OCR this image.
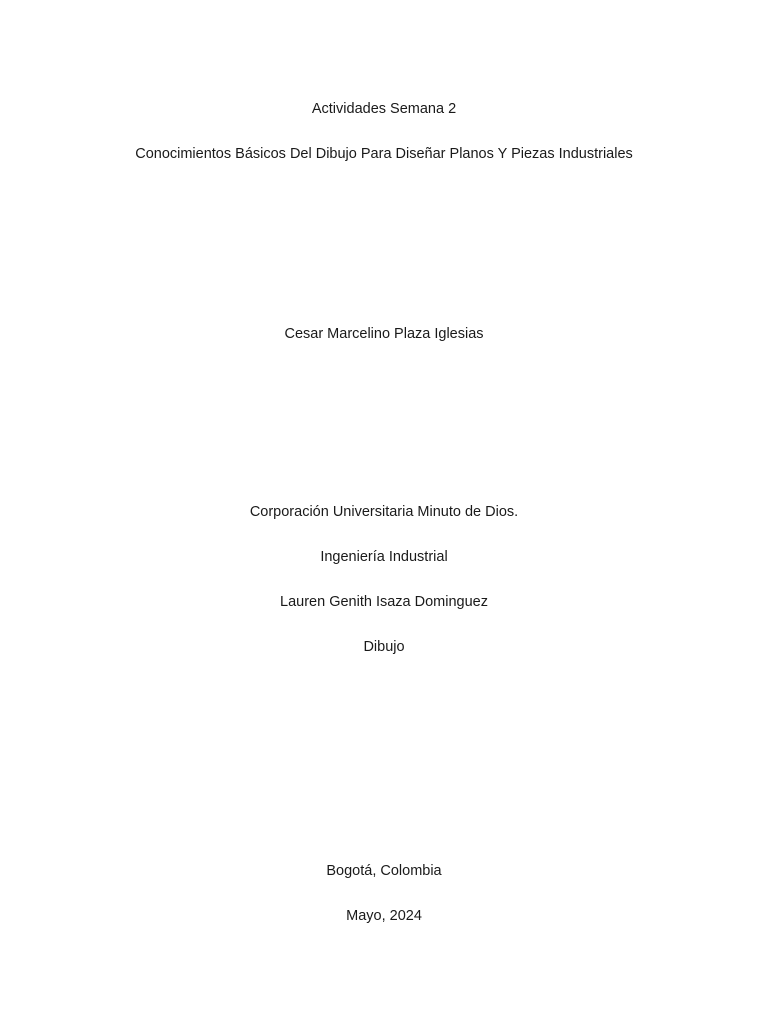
Actividades Semana 2
Conocimientos Básicos Del Dibujo Para Diseñar Planos Y Piezas Industriales
Cesar Marcelino Plaza Iglesias
Corporación Universitaria Minuto de Dios.
Ingeniería Industrial
Lauren Genith Isaza Dominguez
Dibujo
Bogotá, Colombia
Mayo, 2024
